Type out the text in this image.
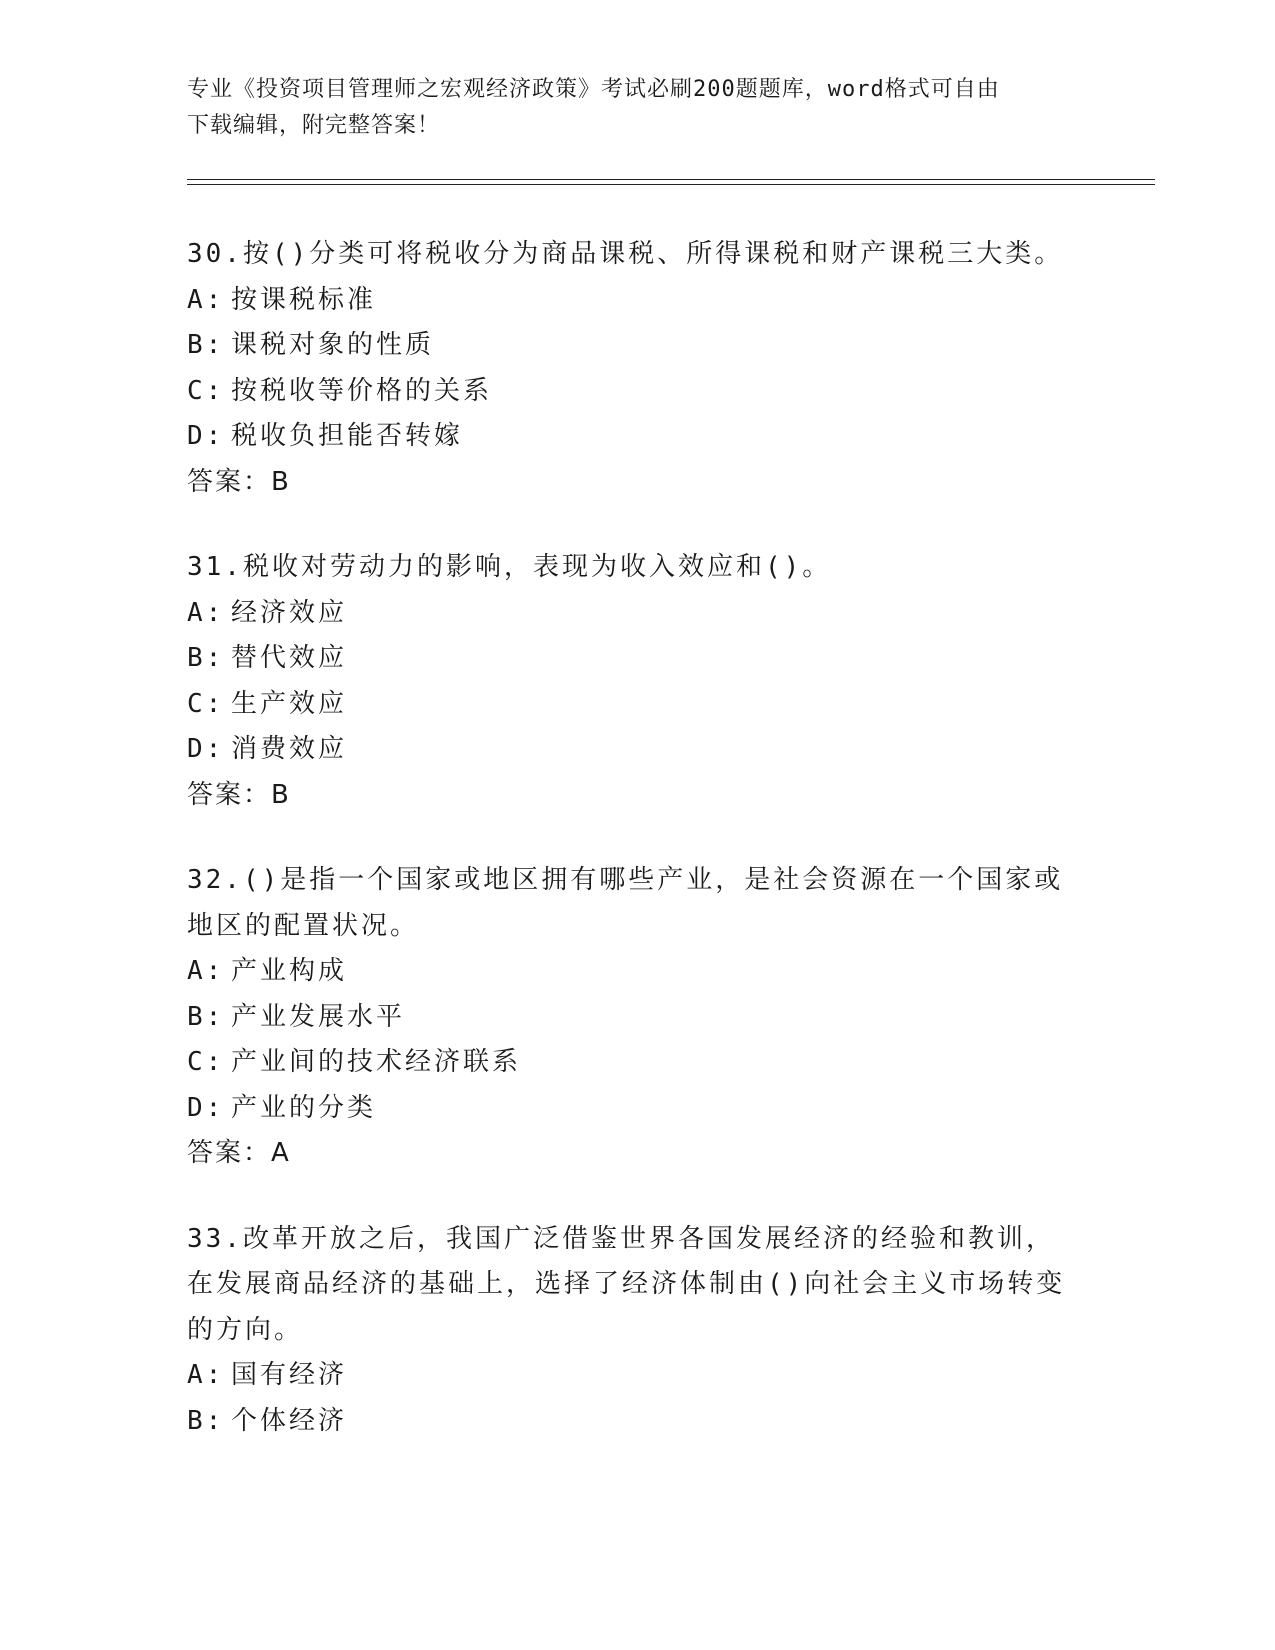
专业《投资项目管理师之宏观经济政策》考试必刷200题题库，word格式可自由
下载编辑，附完整答案！
30.按()分类可将税收分为商品课税、所得课税和财产课税三大类。
A: 按课税标准
B: 课税对象的性质
C: 按税收等价格的关系
D: 税收负担能否转嫁
答案：B
31.税收对劳动力的影响，表现为收入效应和()。
A: 经济效应
B: 替代效应
C: 生产效应
D: 消费效应
答案：B
32.()是指一个国家或地区拥有哪些产业，是社会资源在一个国家或地区的配置状况。
A: 产业构成
B: 产业发展水平
C: 产业间的技术经济联系
D: 产业的分类
答案：A
33.改革开放之后，我国广泛借鉴世界各国发展经济的经验和教训，在发展商品经济的基础上，选择了经济体制由()向社会主义市场转变的方向。
A: 国有经济
B: 个体经济
